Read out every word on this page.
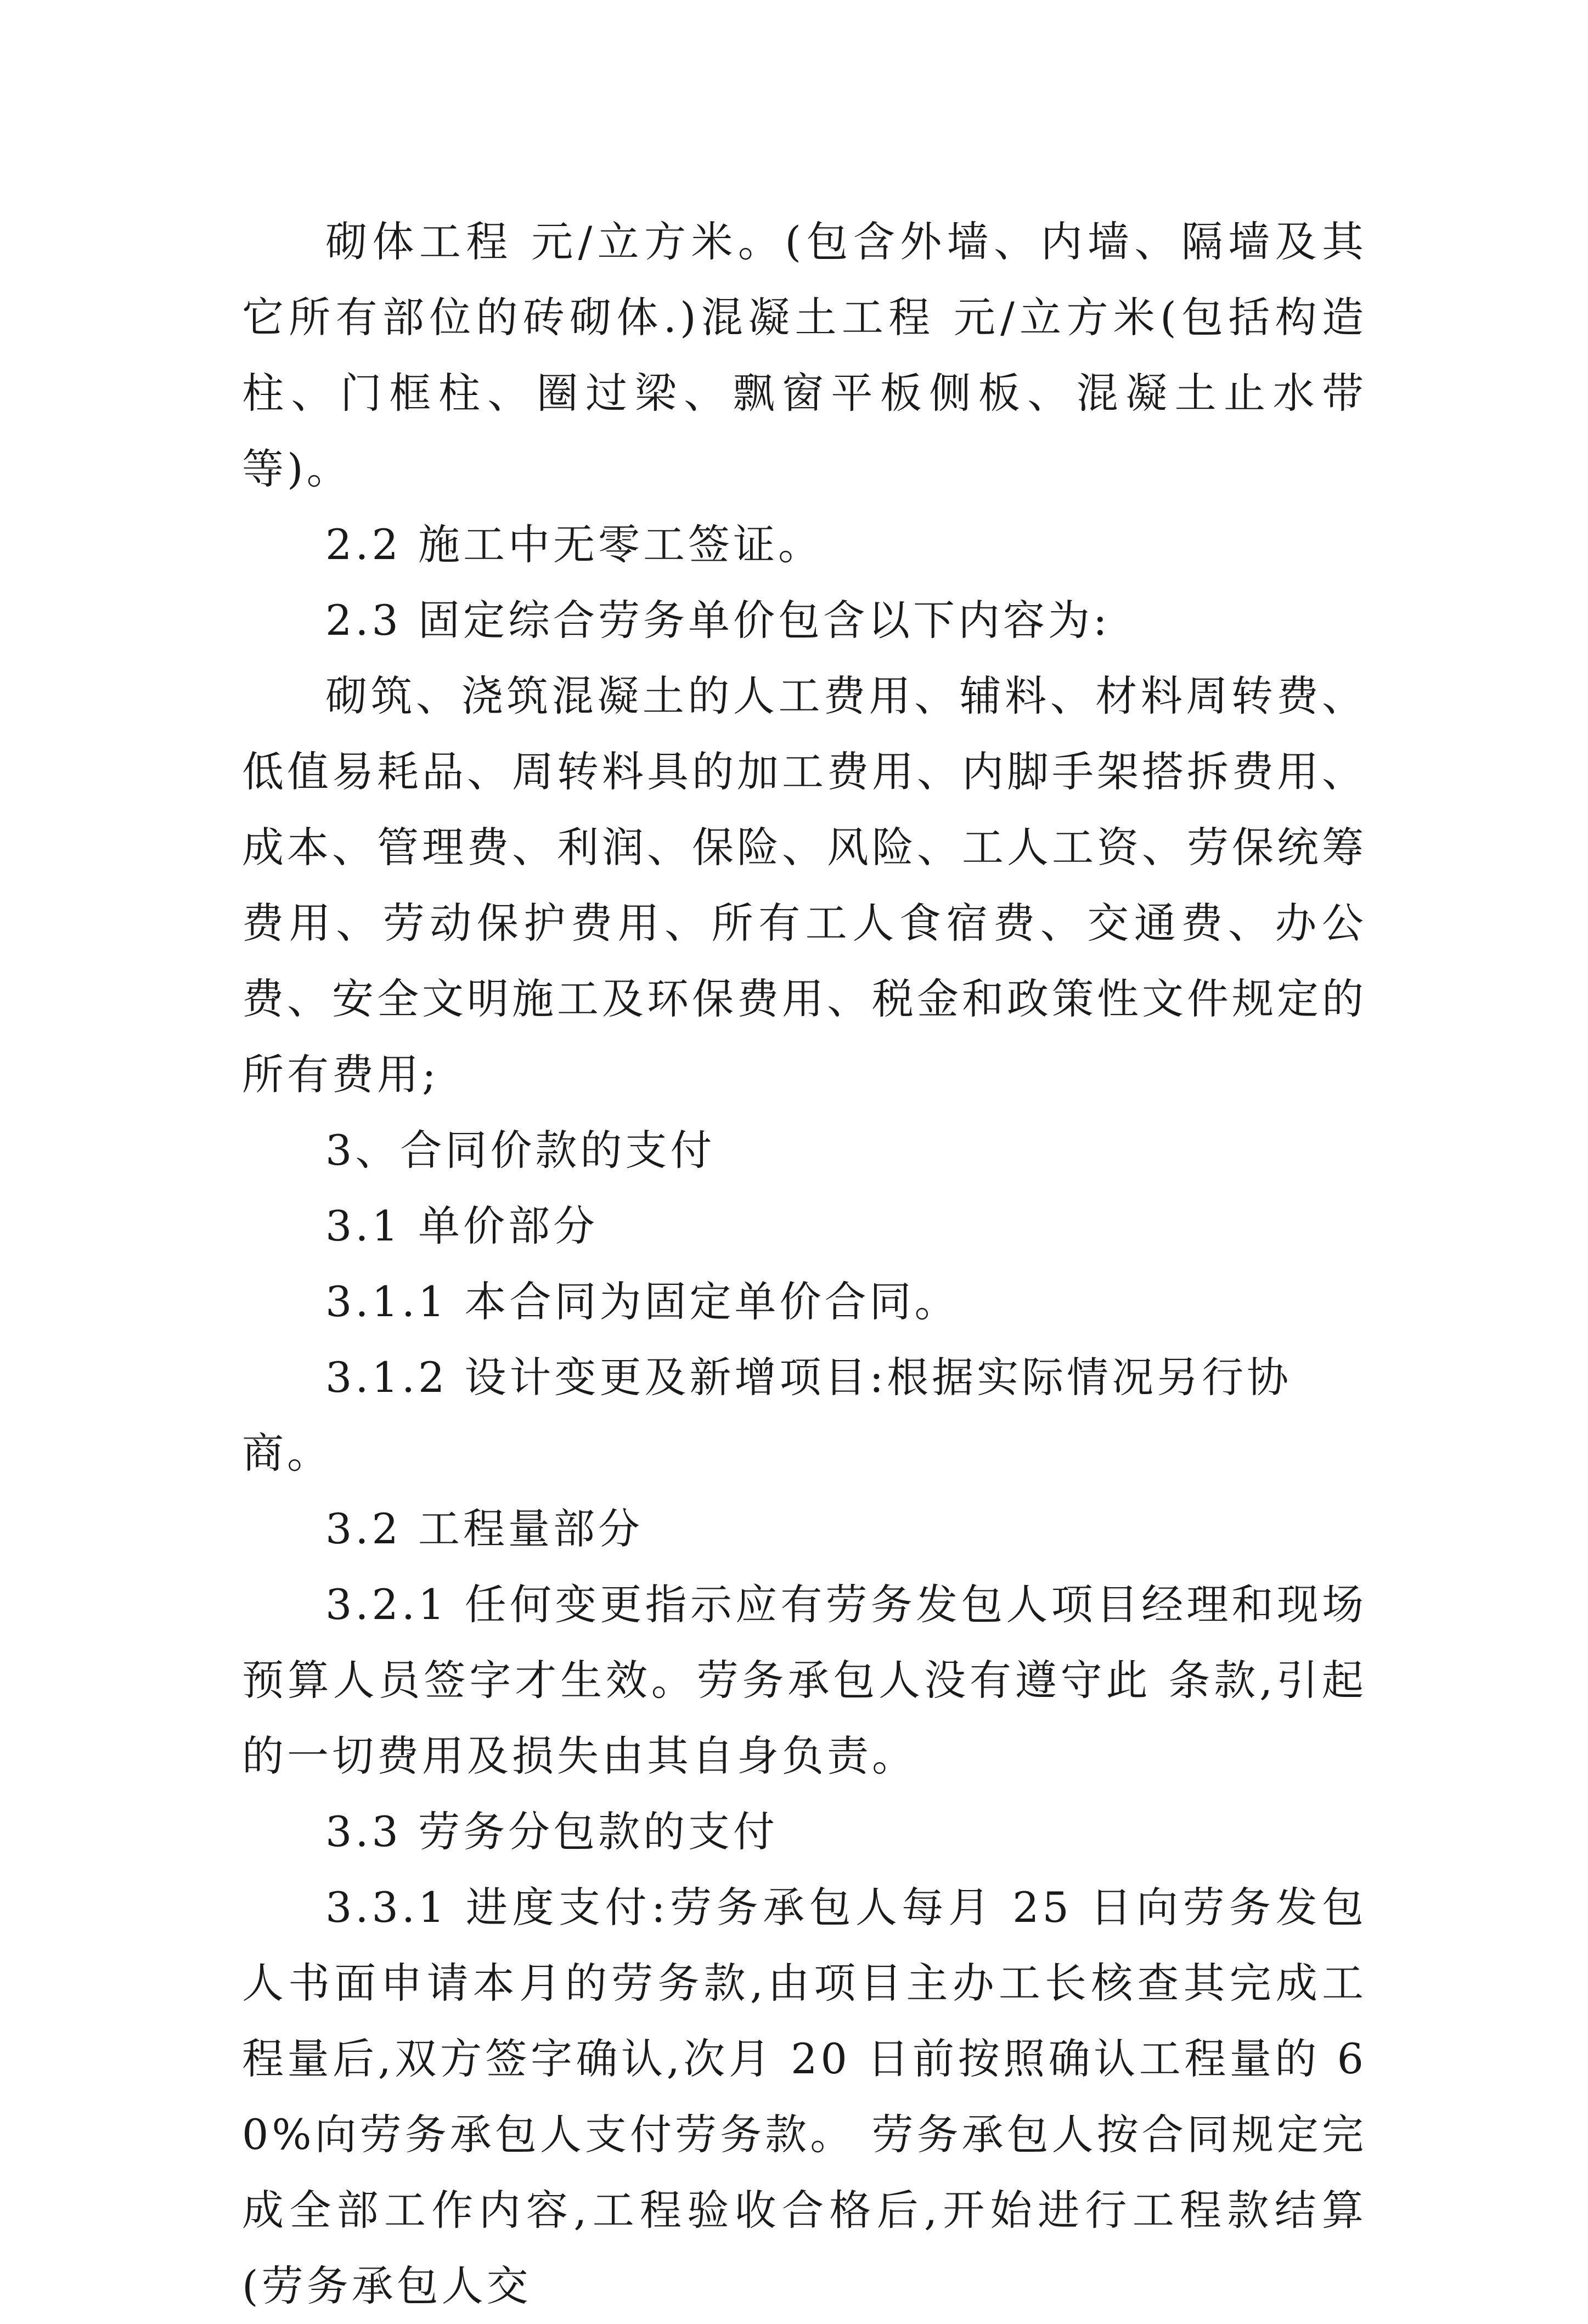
砌体工程 元/立方米。(包含外墙、内墙、隔墙及其它所有部位的砖砌体.)混凝土工程 元/立方米(包括构造柱、门框柱、圈过梁、飘窗平板侧板、混凝土止水带等)。

2.2 施工中无零工签证。

2.3 固定综合劳务单价包含以下内容为:

砌筑、浇筑混凝土的人工费用、辅料、材料周转费、低值易耗品、周转料具的加工费用、内脚手架搭拆费用、成本、管理费、利润、保险、风险、工人工资、劳保统筹费用、劳动保护费用、所有工人食宿费、交通费、办公费、安全文明施工及环保费用、税金和政策性文件规定的所有费用;

3、合同价款的支付

3.1 单价部分

3.1.1 本合同为固定单价合同。

3.1.2 设计变更及新增项目:根据实际情况另行协商。

3.2 工程量部分

3.2.1 任何变更指示应有劳务发包人项目经理和现场预算人员签字才生效。劳务承包人没有遵守此 条款,引起的一切费用及损失由其自身负责。

3.3 劳务分包款的支付

3.3.1 进度支付:劳务承包人每月 25 日向劳务发包人书面申请本月的劳务款,由项目主办工长核查其完成工程量后,双方签字确认,次月 20 日前按照确认工程量的 60%向劳务承包人支付劳务款。 劳务承包人按合同规定完成全部工作内容,工程验收合格后,开始进行工程款结算(劳务承包人交
